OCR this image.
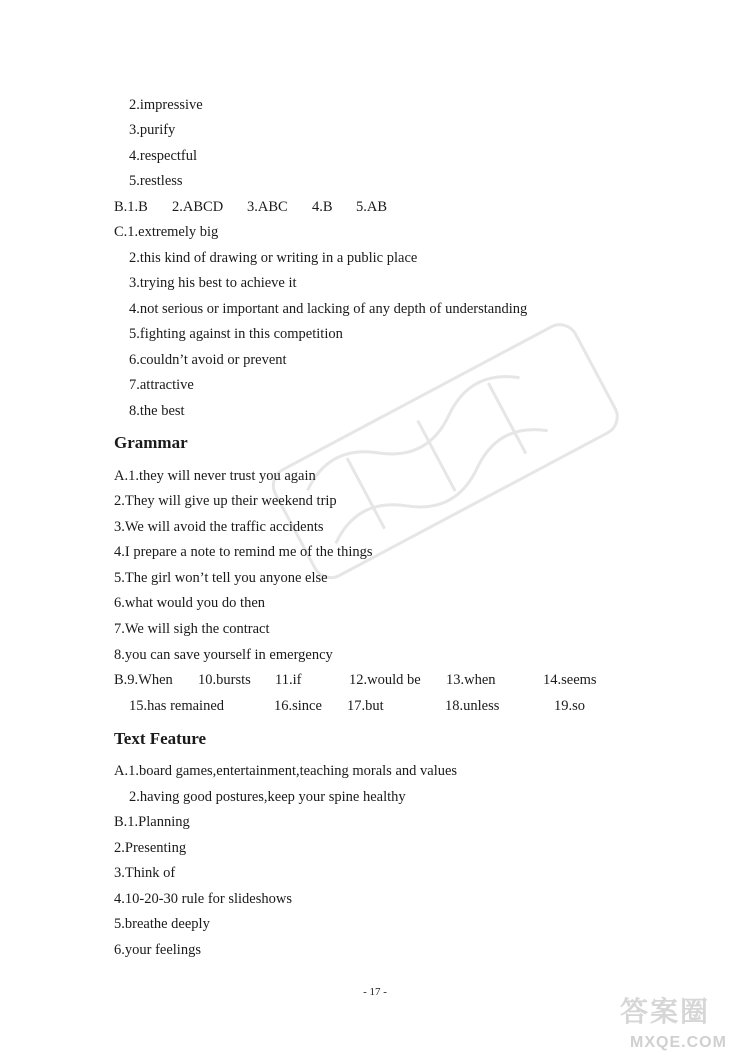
2.impressive
3.purify
4.respectful
5.restless
B.1.B 2.ABCD 3.ABC 4.B 5.AB
C.1.extremely big
2.this kind of drawing or writing in a public place
3.trying his best to achieve it
4.not serious or important and lacking of any depth of understanding
5.fighting against in this competition
6.couldn’t avoid or prevent
7.attractive
8.the best
Grammar
A.1.they will never trust you again
2.They will give up their weekend trip
3.We will avoid the traffic accidents
4.I prepare a note to remind me of the things
5.The girl won’t tell you anyone else
6.what would you do then
7.We will sigh the contract
8.you can save yourself in emergency
B.9.When 10.bursts 11.if	12.would be 13.when	14.seems
15.has remained	16.since 17.but	18.unless	19.so
Text Feature
A.1.board games,entertainment,teaching morals and values
2.having good postures,keep your spine healthy
B.1.Planning
2.Presenting
3.Think of
4.10-20-30 rule for slideshows
5.breathe deeply
6.your feelings
- 17 -
答案圈
MXQE.COM
